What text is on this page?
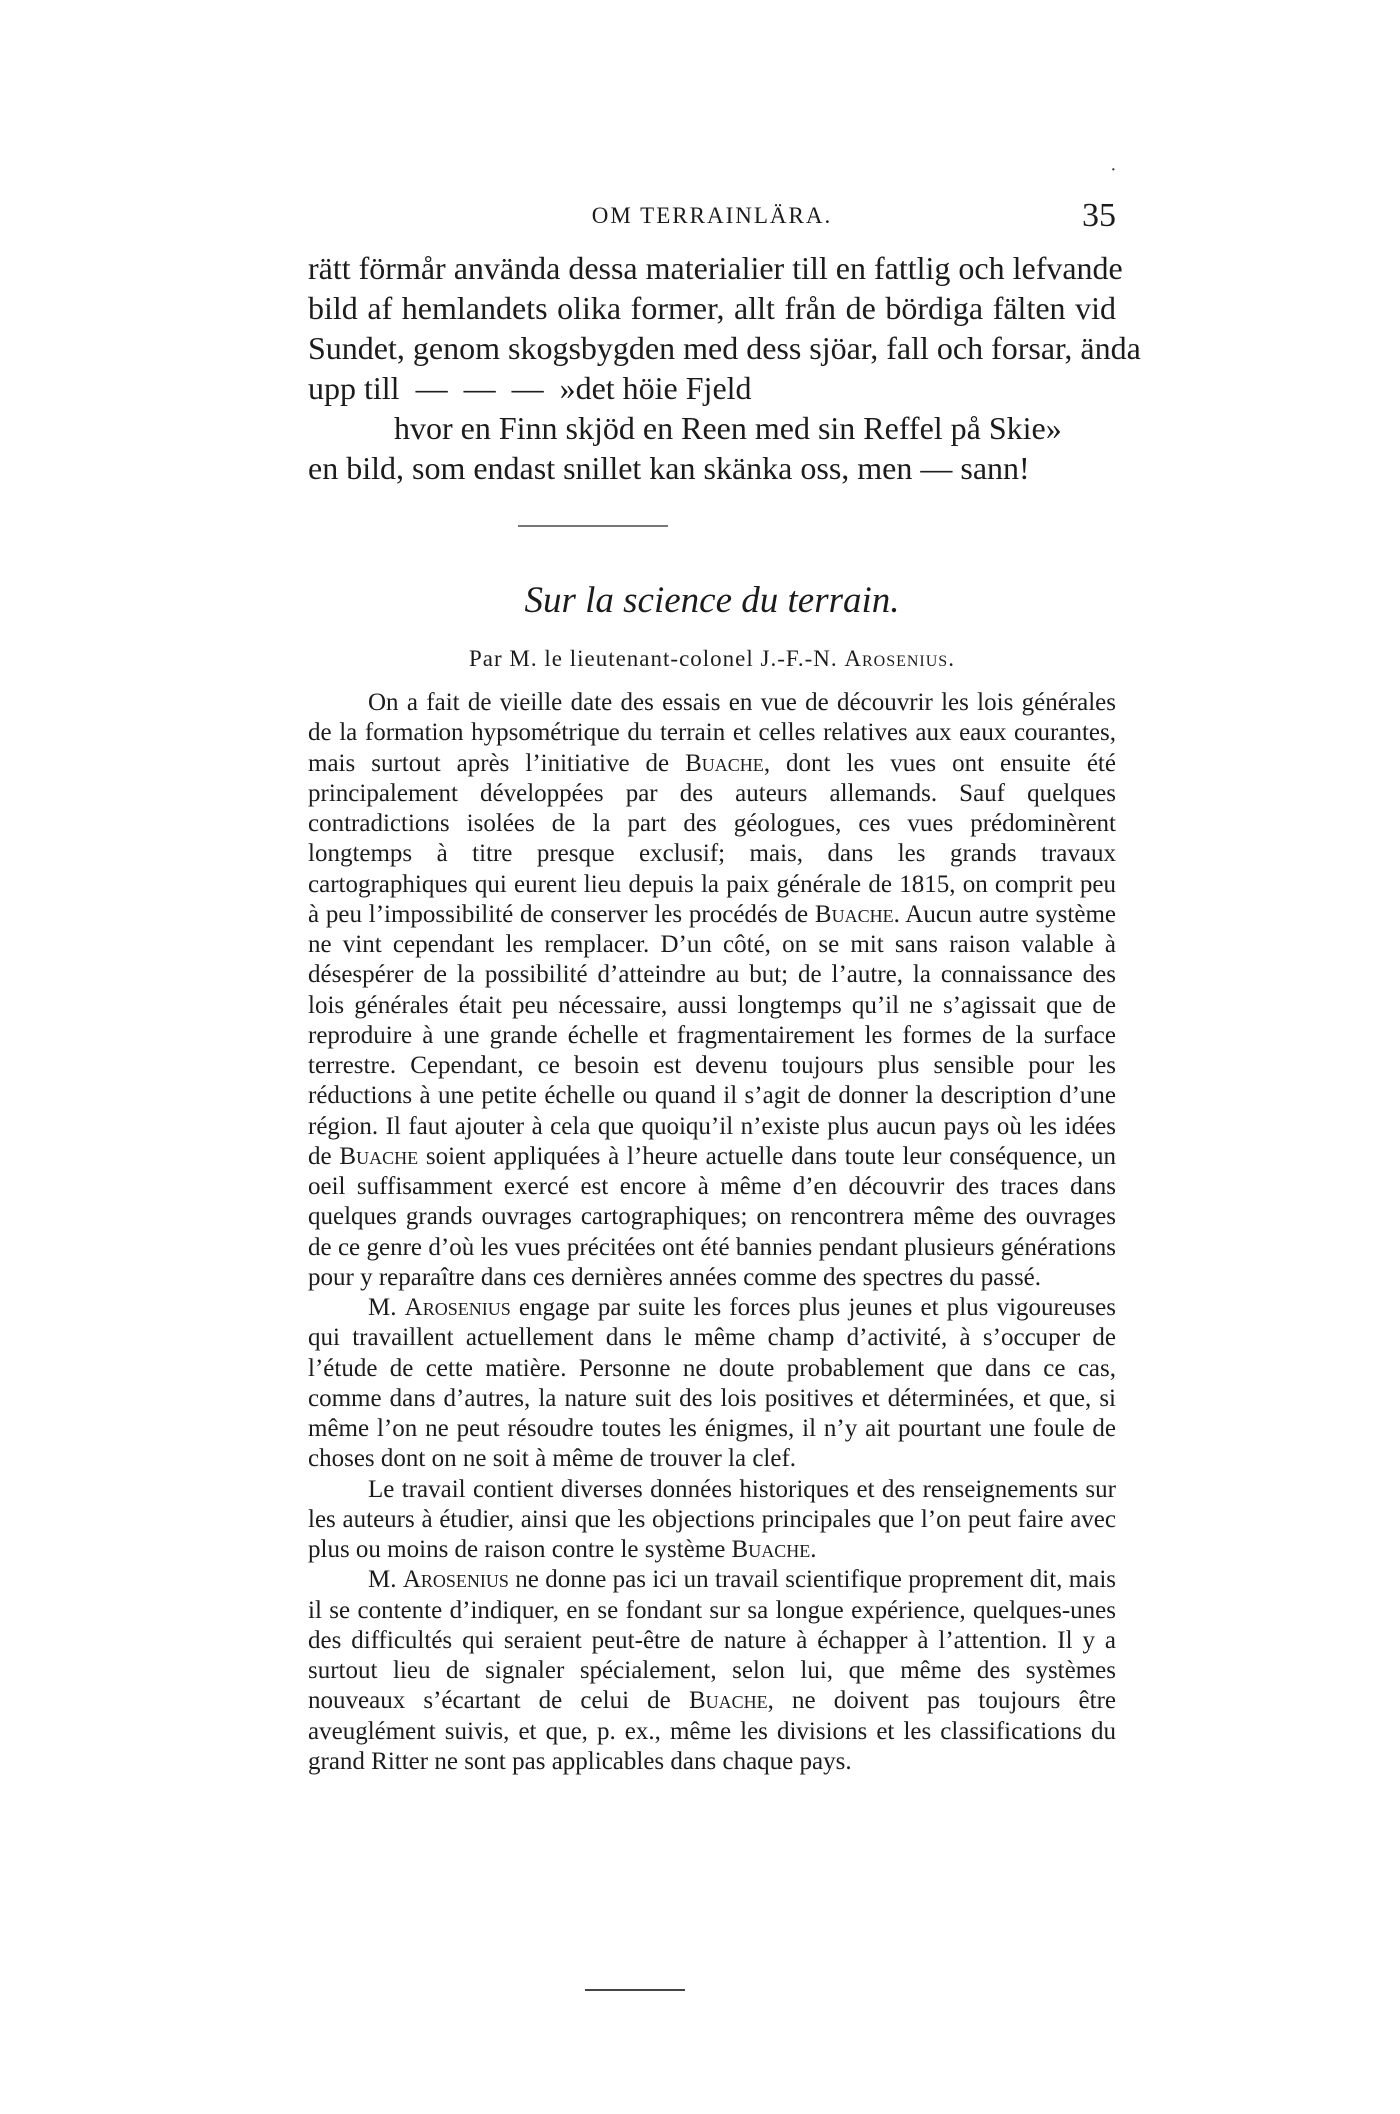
OM TERRAINLÄRA.	35
rätt förmår använda dessa materialier till en fattlig och lefvande
bild af hemlandets olika former, allt från de bördiga fälten vid
Sundet, genom skogsbygden med dess sjöar, fall och forsar, ända
upp till  —  —  —  »det höie Fjeld
hvor en Finn skjöd en Reen med sin Reffel på Skie»
en bild, som endast snillet kan skänka oss, men — sann!
Sur la science du terrain.
Par M. le lieutenant-colonel J.-F.-N. Arosenius.

On a fait de vieille date des essais en vue de découvrir les lois générales de la formation hypsométrique du terrain et celles relatives aux eaux courantes, mais surtout après l’initiative de Buache, dont les vues ont ensuite été principalement développées par des auteurs allemands. Sauf quelques contradictions isolées de la part des géologues, ces vues prédominèrent longtemps à titre presque exclusif; mais, dans les grands travaux cartographiques qui eurent lieu depuis la paix générale de 1815, on comprit peu à peu l’impossibilité de conserver les procédés de Buache. Aucun autre système ne vint cependant les remplacer. D’un côté, on se mit sans raison valable à désespérer de la possibilité d’atteindre au but; de l’autre, la connaissance des lois générales était peu nécessaire, aussi longtemps qu’il ne s’agissait que de reproduire à une grande échelle et fragmentairement les formes de la surface terrestre. Cependant, ce besoin est devenu toujours plus sensible pour les réductions à une petite échelle ou quand il s’agit de donner la description d’une région. Il faut ajouter à cela que quoiqu’il n’existe plus aucun pays où les idées de Buache soient appliquées à l’heure actuelle dans toute leur conséquence, un oeil suffisamment exercé est encore à même d’en découvrir des traces dans quelques grands ouvrages cartographiques; on rencontrera même des ouvrages de ce genre d’où les vues précitées ont été bannies pendant plusieurs générations pour y reparaître dans ces dernières années comme des spectres du passé.

M. Arosenius engage par suite les forces plus jeunes et plus vigoureuses qui travaillent actuellement dans le même champ d’activité, à s’occuper de l’étude de cette matière. Personne ne doute probablement que dans ce cas, comme dans d’autres, la nature suit des lois positives et déterminées, et que, si même l’on ne peut résoudre toutes les énigmes, il n’y ait pourtant une foule de choses dont on ne soit à même de trouver la clef.

Le travail contient diverses données historiques et des renseignements sur les auteurs à étudier, ainsi que les objections principales que l’on peut faire avec plus ou moins de raison contre le système Buache.

M. Arosenius ne donne pas ici un travail scientifique proprement dit, mais il se contente d’indiquer, en se fondant sur sa longue expérience, quelques-unes des difficultés qui seraient peut-être de nature à échapper à l’attention. Il y a surtout lieu de signaler spécialement, selon lui, que même des systèmes nouveaux s’écartant de celui de Buache, ne doivent pas toujours être aveuglément suivis, et que, p. ex., même les divisions et les classifications du grand Ritter ne sont pas applicables dans chaque pays.

·
